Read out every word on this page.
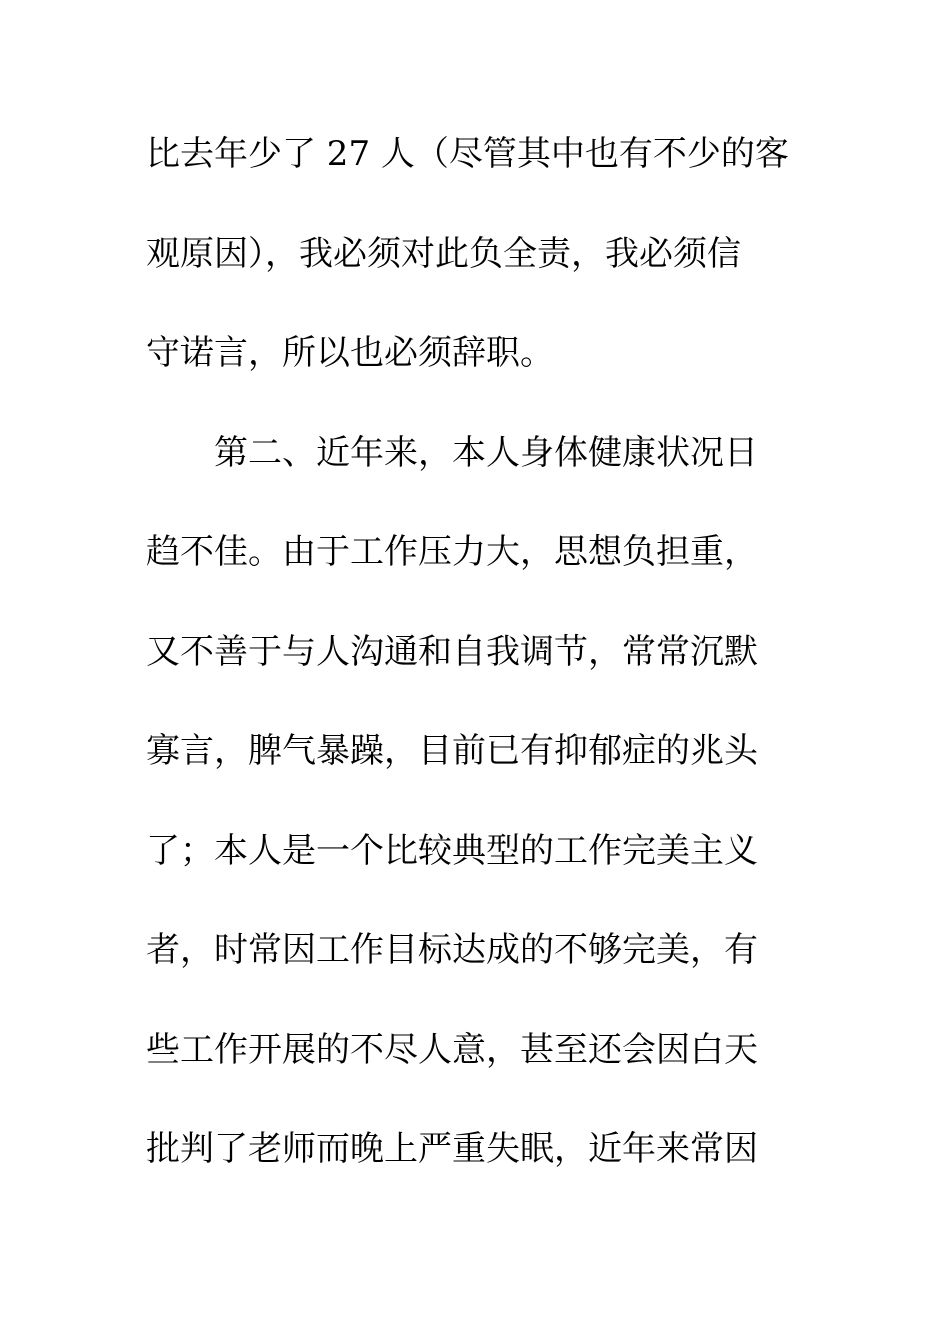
比去年少了 27 人（尽管其中也有不少的客
观原因），我必须对此负全责，我必须信
守诺言，所以也必须辞职。
第二、近年来，本人身体健康状况日
趋不佳。由于工作压力大，思想负担重，
又不善于与人沟通和自我调节，常常沉默
寡言，脾气暴躁，目前已有抑郁症的兆头
了；本人是一个比较典型的工作完美主义
者，时常因工作目标达成的不够完美，有
些工作开展的不尽人意，甚至还会因白天
批判了老师而晚上严重失眠，近年来常因
